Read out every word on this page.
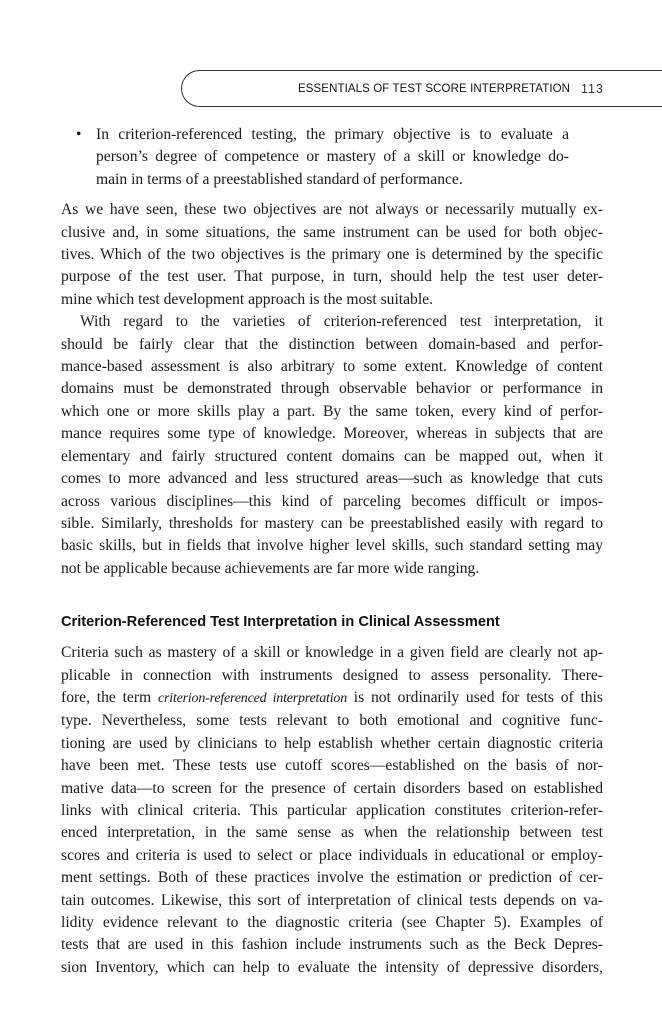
ESSENTIALS OF TEST SCORE INTERPRETATION 113
• In criterion-referenced testing, the primary objective is to evaluate a
person’s degree of competence or mastery of a skill or knowledge do-
main in terms of a preestablished standard of performance.

As we have seen, these two objectives are not always or necessarily mutually ex-
clusive and, in some situations, the same instrument can be used for both objec-
tives. Which of the two objectives is the primary one is determined by the specific
purpose of the test user. That purpose, in turn, should help the test user deter-
mine which test development approach is the most suitable.

With regard to the varieties of criterion-referenced test interpretation, it
should be fairly clear that the distinction between domain-based and perfor-
mance-based assessment is also arbitrary to some extent. Knowledge of content
domains must be demonstrated through observable behavior or performance in
which one or more skills play a part. By the same token, every kind of perfor-
mance requires some type of knowledge. Moreover, whereas in subjects that are
elementary and fairly structured content domains can be mapped out, when it
comes to more advanced and less structured areas—such as knowledge that cuts
across various disciplines—this kind of parceling becomes difficult or impos-
sible. Similarly, thresholds for mastery can be preestablished easily with regard to
basic skills, but in fields that involve higher level skills, such standard setting may
not be applicable because achievements are far more wide ranging.

Criterion-Referenced Test Interpretation in Clinical Assessment

Criteria such as mastery of a skill or knowledge in a given field are clearly not ap-
plicable in connection with instruments designed to assess personality. There-
fore, the term criterion-referenced interpretation is not ordinarily used for tests of this
type. Nevertheless, some tests relevant to both emotional and cognitive func-
tioning are used by clinicians to help establish whether certain diagnostic criteria
have been met. These tests use cutoff scores—established on the basis of nor-
mative data—to screen for the presence of certain disorders based on established
links with clinical criteria. This particular application constitutes criterion-refer-
enced interpretation, in the same sense as when the relationship between test
scores and criteria is used to select or place individuals in educational or employ-
ment settings. Both of these practices involve the estimation or prediction of cer-
tain outcomes. Likewise, this sort of interpretation of clinical tests depends on va-
lidity evidence relevant to the diagnostic criteria (see Chapter 5). Examples of
tests that are used in this fashion include instruments such as the Beck Depres-
sion Inventory, which can help to evaluate the intensity of depressive disorders,
